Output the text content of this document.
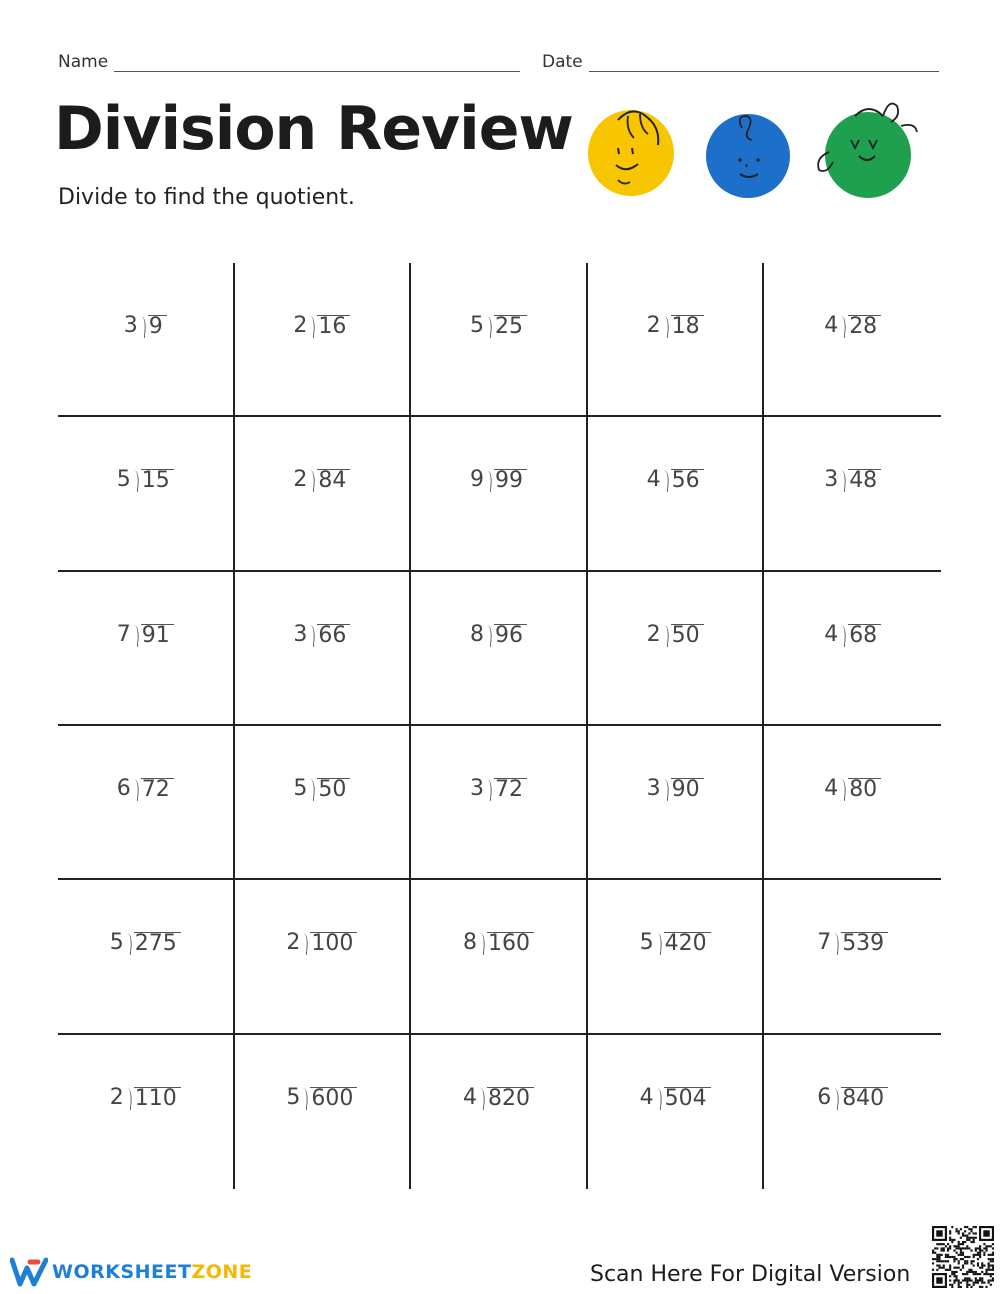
Name	Date
Division Review
Divide to find the quotient.
3 9	2 16	5 25	2 18	4 28
5 15	2 84	9 99	4 56	3 48
7 91	3 66	8 96	2 50	4 68
6 72	5 50	3 72	3 90	4 80
5 275	2 100	8 160	5 420	7 539
2 110	5 600	4 820	4 504	6 840
WORKSHEET ZONE	Scan Here For Digital Version
